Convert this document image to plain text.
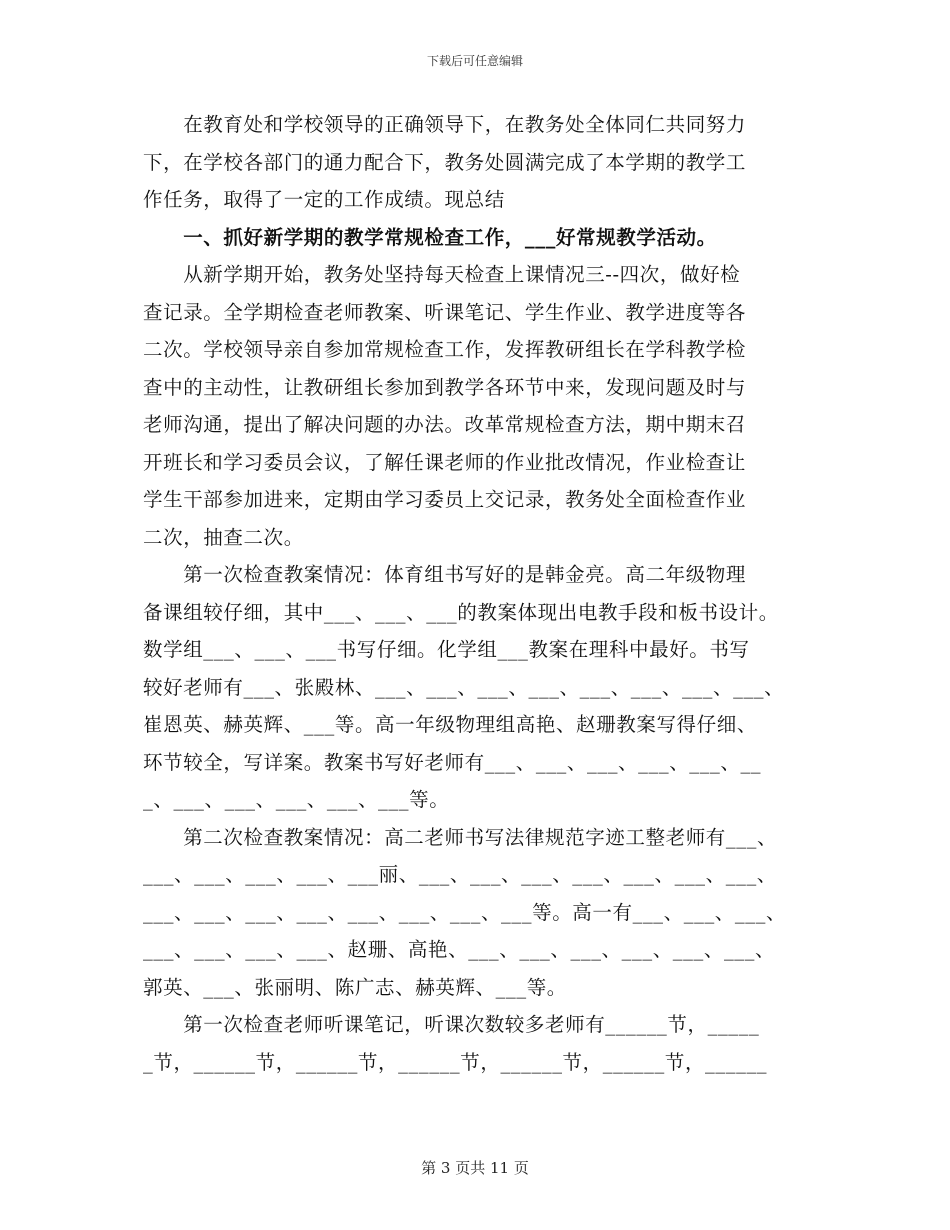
下载后可任意编辑
　　在教育处和学校领导的正确领导下，在教务处全体同仁共同努力
下，在学校各部门的通力配合下，教务处圆满完成了本学期的教学工
作任务，取得了一定的工作成绩。现总结
　　一、抓好新学期的教学常规检查工作，___好常规教学活动。
　　从新学期开始，教务处坚持每天检查上课情况三--四次，做好检
查记录。全学期检查老师教案、听课笔记、学生作业、教学进度等各
二次。学校领导亲自参加常规检查工作，发挥教研组长在学科教学检
查中的主动性，让教研组长参加到教学各环节中来，发现问题及时与
老师沟通，提出了解决问题的办法。改革常规检查方法，期中期末召
开班长和学习委员会议，了解任课老师的作业批改情况，作业检查让
学生干部参加进来，定期由学习委员上交记录，教务处全面检查作业
二次，抽查二次。
　　第一次检查教案情况：体育组书写好的是韩金亮。高二年级物理
备课组较仔细，其中___、___、___的教案体现出电教手段和板书设计。
数学组___、___、___书写仔细。化学组___教案在理科中最好。书写
较好老师有___、张殿林、___、___、___、___、___、___、___、___、
崔恩英、赫英辉、___等。高一年级物理组高艳、赵珊教案写得仔细、
环节较全，写详案。教案书写好老师有___、___、___、___、___、__
_、___、___、___、___、___等。
　　第二次检查教案情况：高二老师书写法律规范字迹工整老师有___、
___、___、___、___、___丽、___、___、___、___、___、___、___、
___、___、___、___、___、___、___、___等。高一有___、___、___、
___、___、___、___、赵珊、高艳、___、___、___、___、___、___、
郭英、___、张丽明、陈广志、赫英辉、___等。
　　第一次检查老师听课笔记，听课次数较多老师有______节，_____
_节，______节，______节，______节，______节，______节，______
第 3 页共 11 页
